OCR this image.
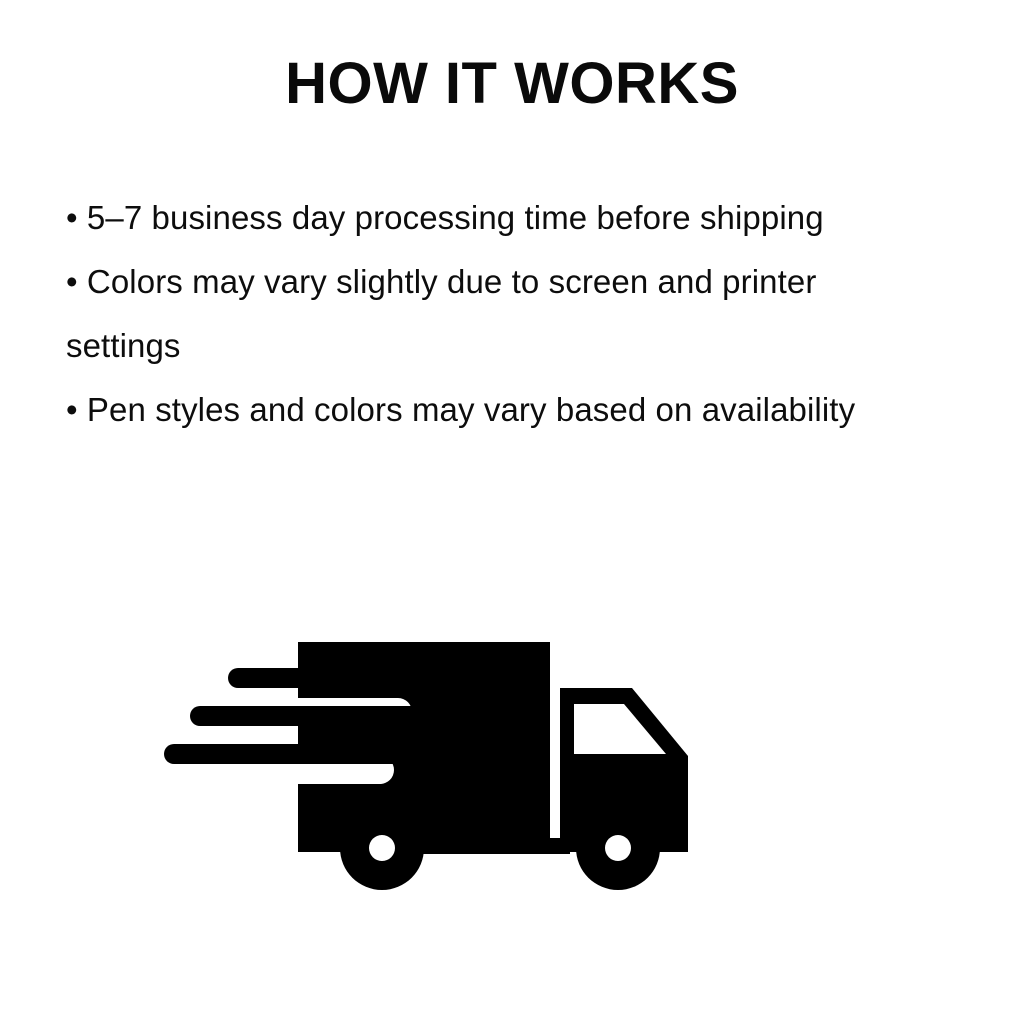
HOW IT WORKS
• 5–7 business day processing time before shipping
• Colors may vary slightly due to screen and printer settings
• Pen styles and colors may vary based on availability
